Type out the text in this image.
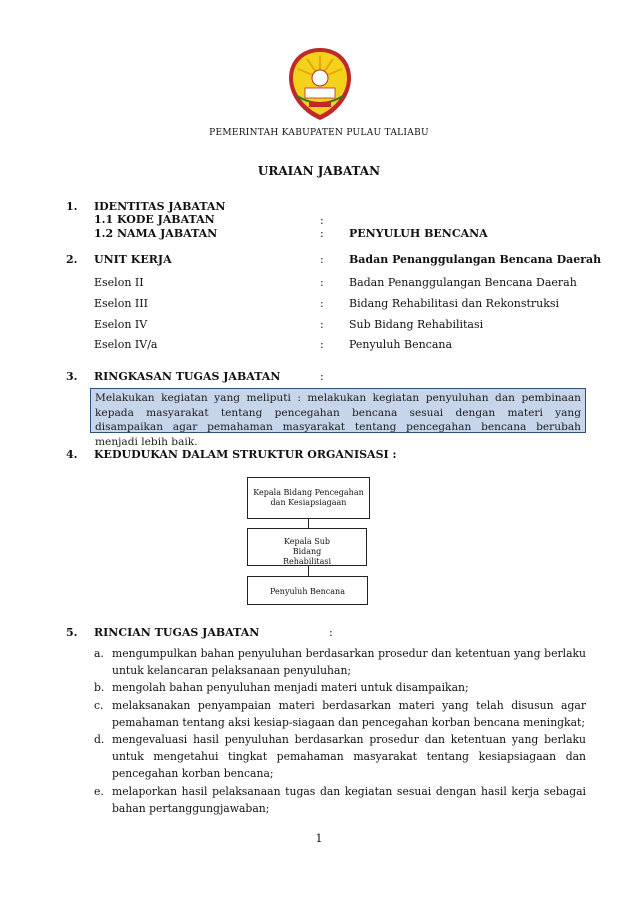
PEMERINTAH KABUPATEN PULAU TALIABU
URAIAN JABATAN
1. IDENTITAS JABATAN
1.1 KODE JABATAN	:
1.2 NAMA JABATAN	: PENYULUH BENCANA
2. UNIT KERJA	: Badan Penanggulangan Bencana Daerah
Eselon II	: Badan Penanggulangan Bencana Daerah
Eselon III	: Bidang Rehabilitasi dan Rekonstruksi
Eselon IV	: Sub Bidang Rehabilitasi
Eselon IV/a	: Penyuluh Bencana
3. RINGKASAN TUGAS JABATAN	:
Melakukan kegiatan yang meliputi : melakukan kegiatan penyuluhan dan pembinaan kepada masyarakat tentang pencegahan bencana sesuai dengan materi yang disampaikan agar pemahaman masyarakat tentang pencegahan bencana berubah menjadi lebih baik.
4. KEDUDUKAN DALAM STRUKTUR ORGANISASI :
Kepala Bidang Pencegahan dan Kesiapsiagaan
Kepala Sub Bidang Rehabilitasi
Penyuluh Bencana
5. RINCIAN TUGAS JABATAN	:
a. mengumpulkan bahan penyuluhan berdasarkan prosedur dan ketentuan yang berlaku untuk kelancaran pelaksanaan penyuluhan;
b. mengolah bahan penyuluhan menjadi materi untuk disampaikan;
c. melaksanakan penyampaian materi berdasarkan materi yang telah disusun agar pemahaman tentang aksi kesiap-siagaan dan pencegahan korban bencana meningkat;
d. mengevaluasi hasil penyuluhan berdasarkan prosedur dan ketentuan yang berlaku untuk mengetahui tingkat pemahaman masyarakat tentang kesiapsiagaan dan pencegahan korban bencana;
e. melaporkan hasil pelaksanaan tugas dan kegiatan sesuai dengan hasil kerja sebagai bahan pertanggungjawaban;
1
